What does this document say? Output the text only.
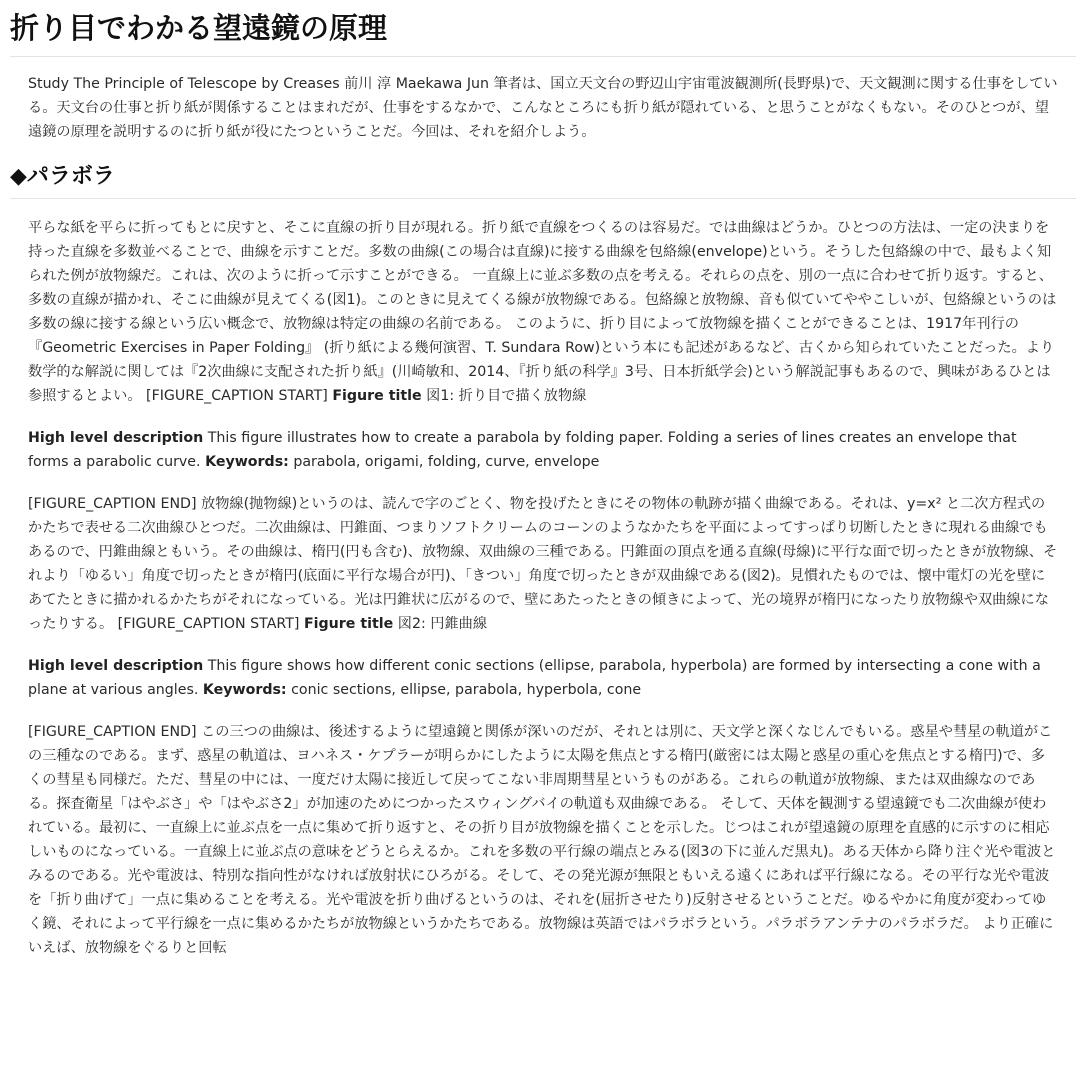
折り目でわかる望遠鏡の原理

Study The Principle of Telescope by Creases 前川 淳 Maekawa Jun 筆者は、国立天文台の野辺山宇宙電波観測所(長野県)で、天文観測に関する仕事をしている。天文台の仕事と折り紙が関係することはまれだが、仕事をするなかで、こんなところにも折り紙が隠れている、と思うことがなくもない。そのひとつが、望遠鏡の原理を説明するのに折り紙が役にたつということだ。今回は、それを紹介しよう。

◆パラボラ

平らな紙を平らに折ってもとに戻すと、そこに直線の折り目が現れる。折り紙で直線をつくるのは容易だ。では曲線はどうか。ひとつの方法は、一定の決まりを持った直線を多数並べることで、曲線を示すことだ。多数の曲線(この場合は直線)に接する曲線を包絡線(envelope)という。そうした包絡線の中で、最もよく知られた例が放物線だ。これは、次のように折って示すことができる。 一直線上に並ぶ多数の点を考える。それらの点を、別の一点に合わせて折り返す。すると、多数の直線が描かれ、そこに曲線が見えてくる(図1)。このときに見えてくる線が放物線である。包絡線と放物線、音も似ていてややこしいが、包絡線というのは多数の線に接する線という広い概念で、放物線は特定の曲線の名前である。 このように、折り目によって放物線を描くことができることは、1917年刊行の『Geometric Exercises in Paper Folding』 (折り紙による幾何演習、T. Sundara Row)という本にも記述があるなど、古くから知られていたことだった。より数学的な解説に関しては『2次曲線に支配された折り紙』(川崎敏和、2014、『折り紙の科学』3号、日本折紙学会)という解説記事もあるので、興味があるひとは参照するとよい。 [FIGURE_CAPTION START] Figure title 図1: 折り目で描く放物線

High level description This figure illustrates how to create a parabola by folding paper. Folding a series of lines creates an envelope that forms a parabolic curve. Keywords: parabola, origami, folding, curve, envelope

[FIGURE_CAPTION END] 放物線(抛物線)というのは、読んで字のごとく、物を投げたときにその物体の軌跡が描く曲線である。それは、y=x² と二次方程式のかたちで表せる二次曲線ひとつだ。二次曲線は、円錐面、つまりソフトクリームのコーンのようなかたちを平面によってすっぱり切断したときに現れる曲線でもあるので、円錐曲線ともいう。その曲線は、楕円(円も含む)、放物線、双曲線の三種である。円錐面の頂点を通る直線(母線)に平行な面で切ったときが放物線、それより「ゆるい」角度で切ったときが楕円(底面に平行な場合が円)、「きつい」角度で切ったときが双曲線である(図2)。見慣れたものでは、懐中電灯の光を壁にあてたときに描かれるかたちがそれになっている。光は円錐状に広がるので、壁にあたったときの傾きによって、光の境界が楕円になったり放物線や双曲線になったりする。 [FIGURE_CAPTION START] Figure title 図2: 円錐曲線

High level description This figure shows how different conic sections (ellipse, parabola, hyperbola) are formed by intersecting a cone with a plane at various angles. Keywords: conic sections, ellipse, parabola, hyperbola, cone

[FIGURE_CAPTION END] この三つの曲線は、後述するように望遠鏡と関係が深いのだが、それとは別に、天文学と深くなじんでもいる。惑星や彗星の軌道がこの三種なのである。まず、惑星の軌道は、ヨハネス・ケプラーが明らかにしたように太陽を焦点とする楕円(厳密には太陽と惑星の重心を焦点とする楕円)で、多くの彗星も同様だ。ただ、彗星の中には、一度だけ太陽に接近して戻ってこない非周期彗星というものがある。これらの軌道が放物線、または双曲線なのである。探査衛星「はやぶさ」や「はやぶさ2」が加速のためにつかったスウィングバイの軌道も双曲線である。 そして、天体を観測する望遠鏡でも二次曲線が使われている。最初に、一直線上に並ぶ点を一点に集めて折り返すと、その折り目が放物線を描くことを示した。じつはこれが望遠鏡の原理を直感的に示すのに相応しいものになっている。一直線上に並ぶ点の意味をどうとらえるか。これを多数の平行線の端点とみる(図3の下に並んだ黒丸)。ある天体から降り注ぐ光や電波とみるのである。光や電波は、特別な指向性がなければ放射状にひろがる。そして、その発光源が無限ともいえる遠くにあれば平行線になる。その平行な光や電波を「折り曲げて」一点に集めることを考える。光や電波を折り曲げるというのは、それを(屈折させたり)反射させるということだ。ゆるやかに角度が変わってゆく鏡、それによって平行線を一点に集めるかたちが放物線というかたちである。放物線は英語ではパラボラという。パラボラアンテナのパラボラだ。 より正確にいえば、放物線をぐるりと回転
